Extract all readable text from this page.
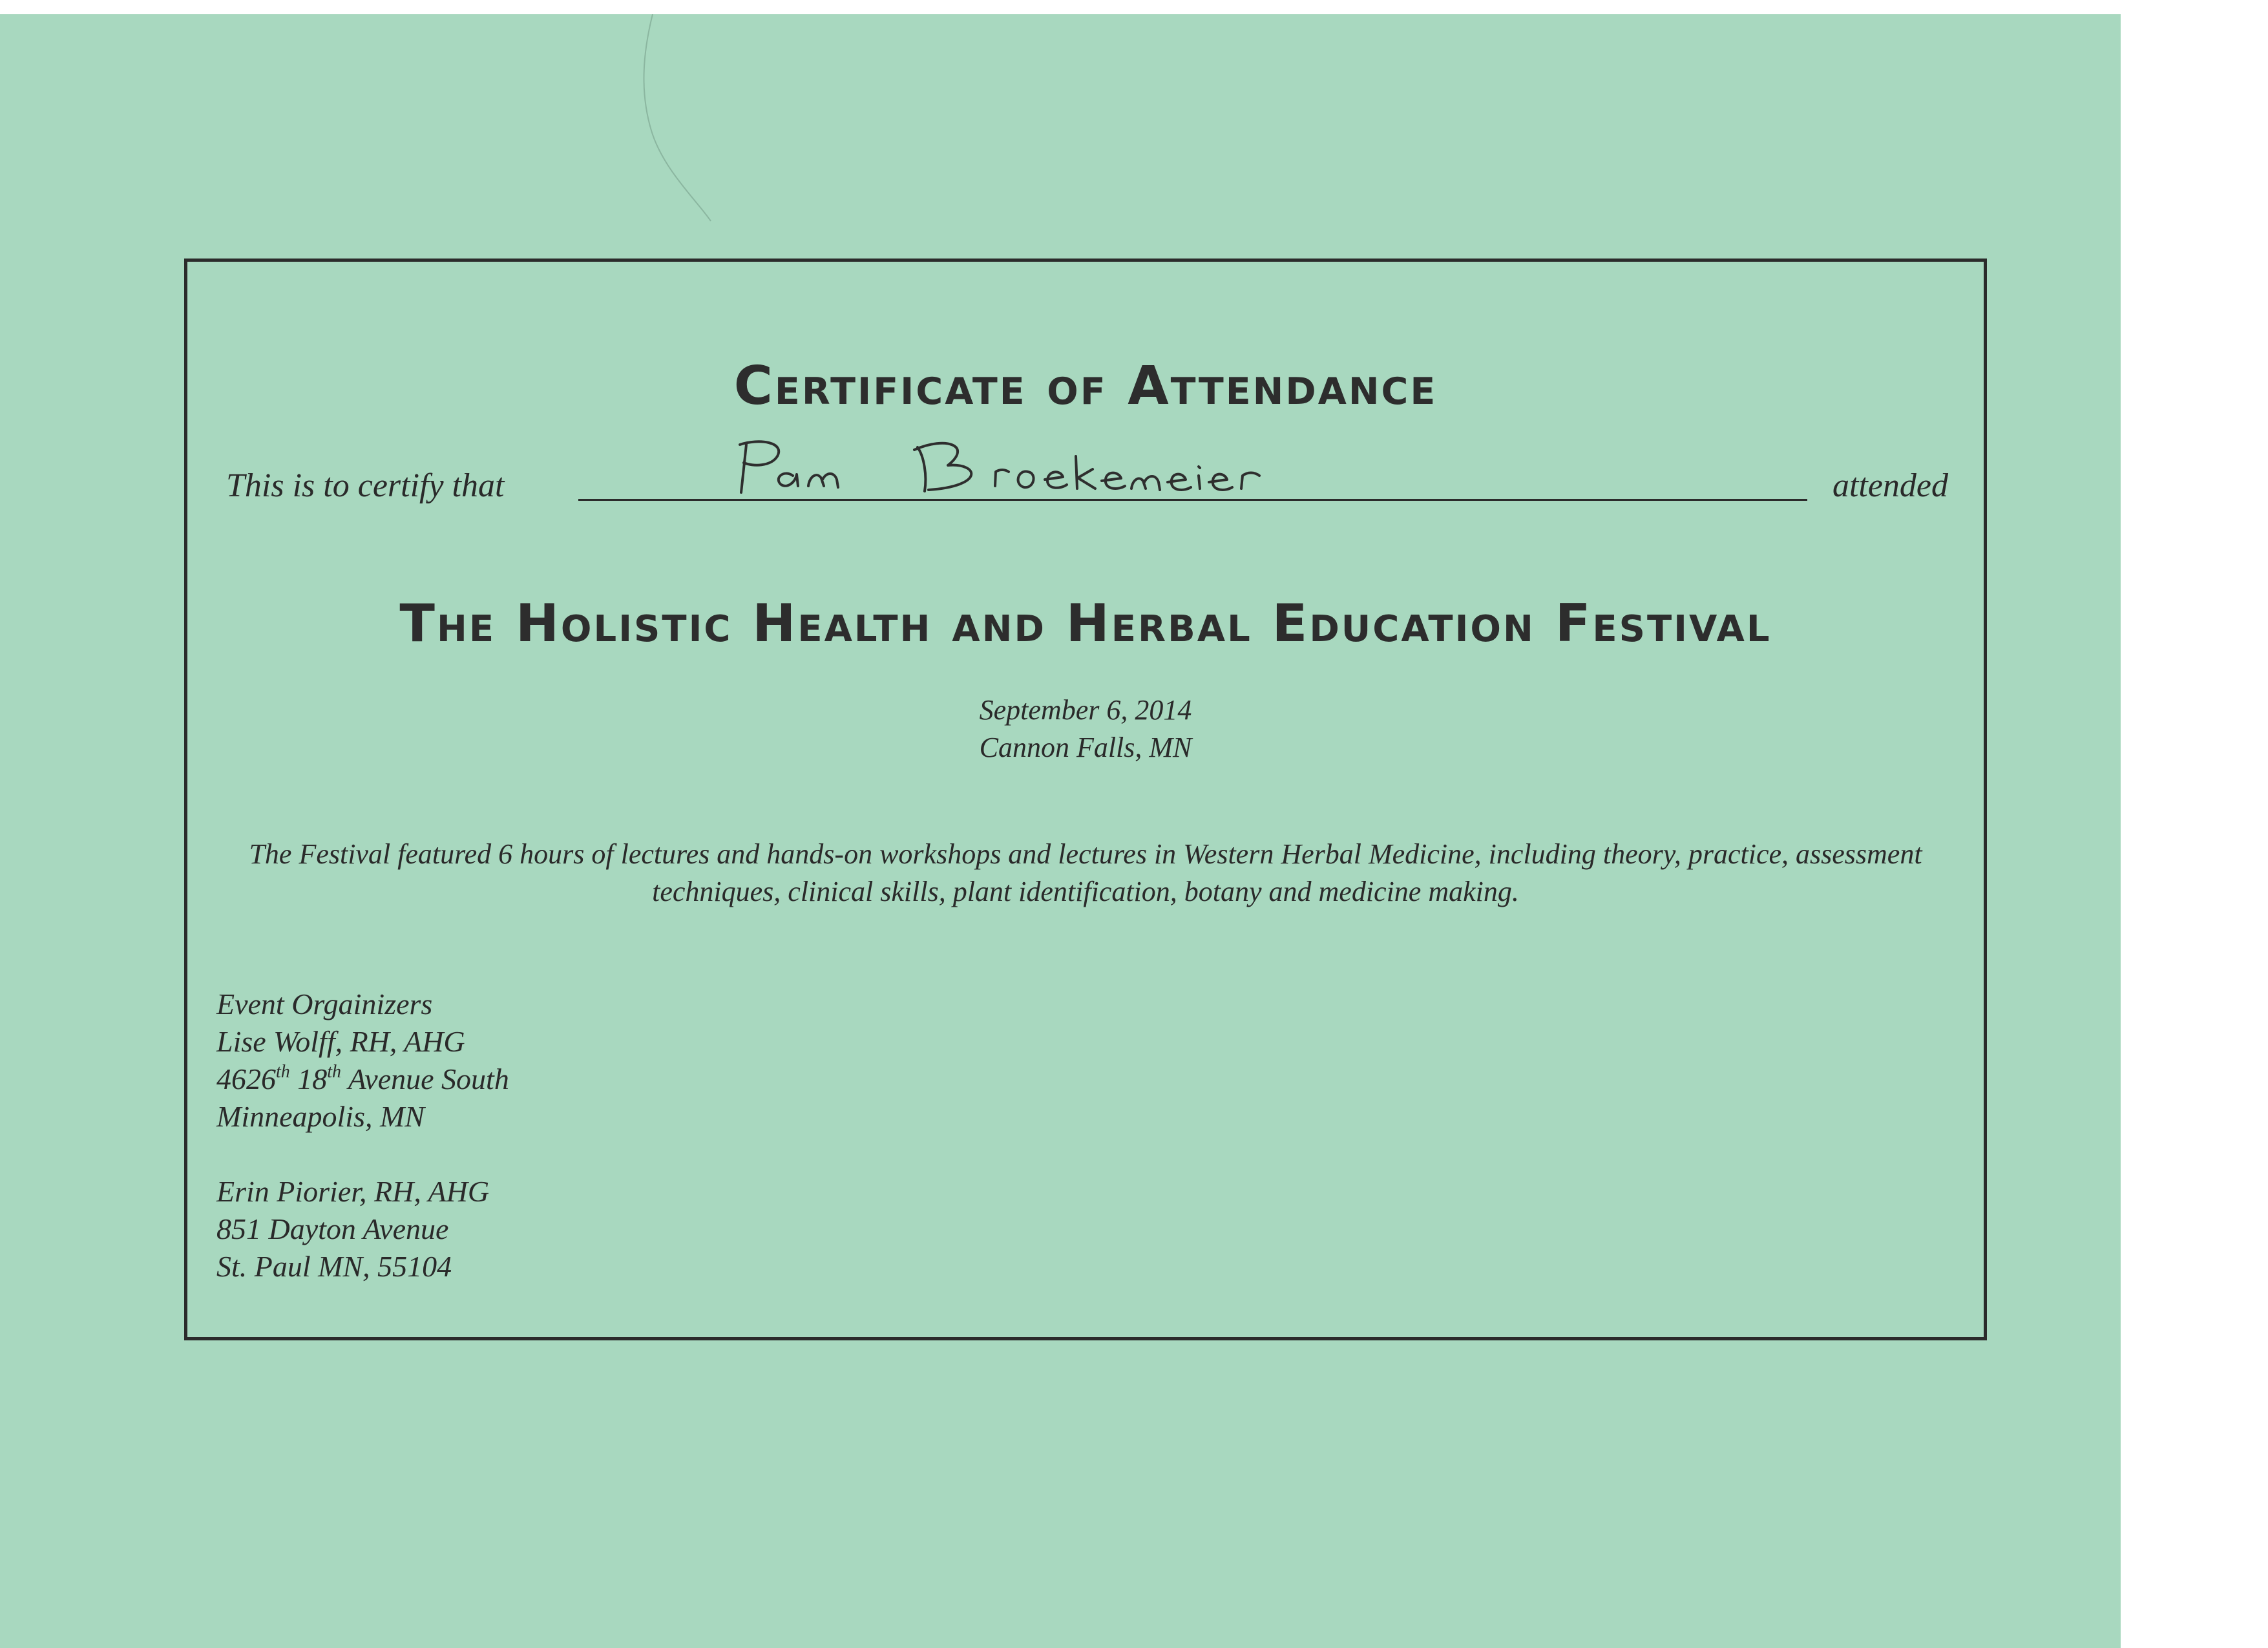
Certificate of Attendance
This is to certify that	attended
The Holistic Health and Herbal Education Festival
September 6, 2014
Cannon Falls, MN

The Festival featured 6 hours of lectures and hands-on workshops and lectures in Western Herbal Medicine, including theory, practice, assessment techniques, clinical skills, plant identification, botany and medicine making.

Event Orgainizers
Lise Wolff, RH, AHG
4626th 18th Avenue South
Minneapolis, MN
Erin Piorier, RH, AHG
851 Dayton Avenue
St. Paul MN, 55104
